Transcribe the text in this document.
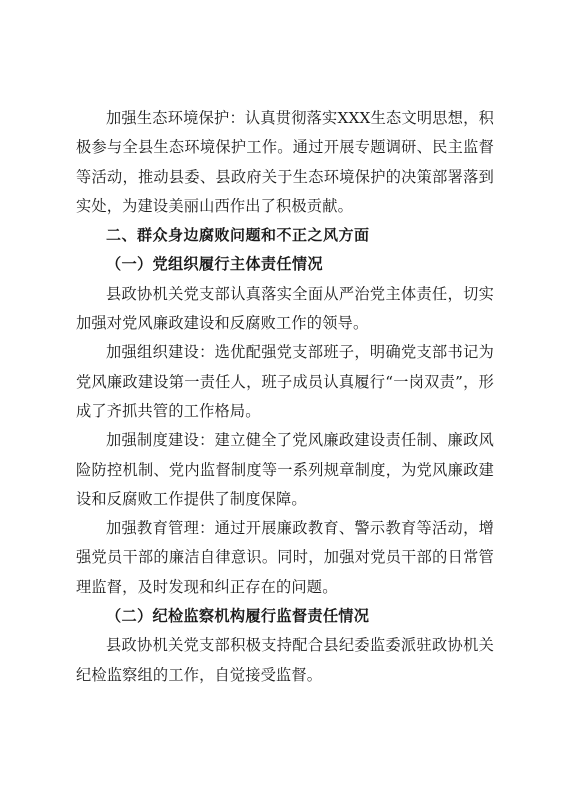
加强生态环境保护：认真贯彻落实XXX生态文明思想，积极参与全县生态环境保护工作。通过开展专题调研、民主监督等活动，推动县委、县政府关于生态环境保护的决策部署落到实处，为建设美丽山西作出了积极贡献。

二、群众身边腐败问题和不正之风方面

（一）党组织履行主体责任情况

县政协机关党支部认真落实全面从严治党主体责任，切实加强对党风廉政建设和反腐败工作的领导。

加强组织建设：选优配强党支部班子，明确党支部书记为党风廉政建设第一责任人，班子成员认真履行“一岗双责”，形成了齐抓共管的工作格局。

加强制度建设：建立健全了党风廉政建设责任制、廉政风险防控机制、党内监督制度等一系列规章制度，为党风廉政建设和反腐败工作提供了制度保障。

加强教育管理：通过开展廉政教育、警示教育等活动，增强党员干部的廉洁自律意识。同时，加强对党员干部的日常管理监督，及时发现和纠正存在的问题。

（二）纪检监察机构履行监督责任情况

县政协机关党支部积极支持配合县纪委监委派驻政协机关纪检监察组的工作，自觉接受监督。
